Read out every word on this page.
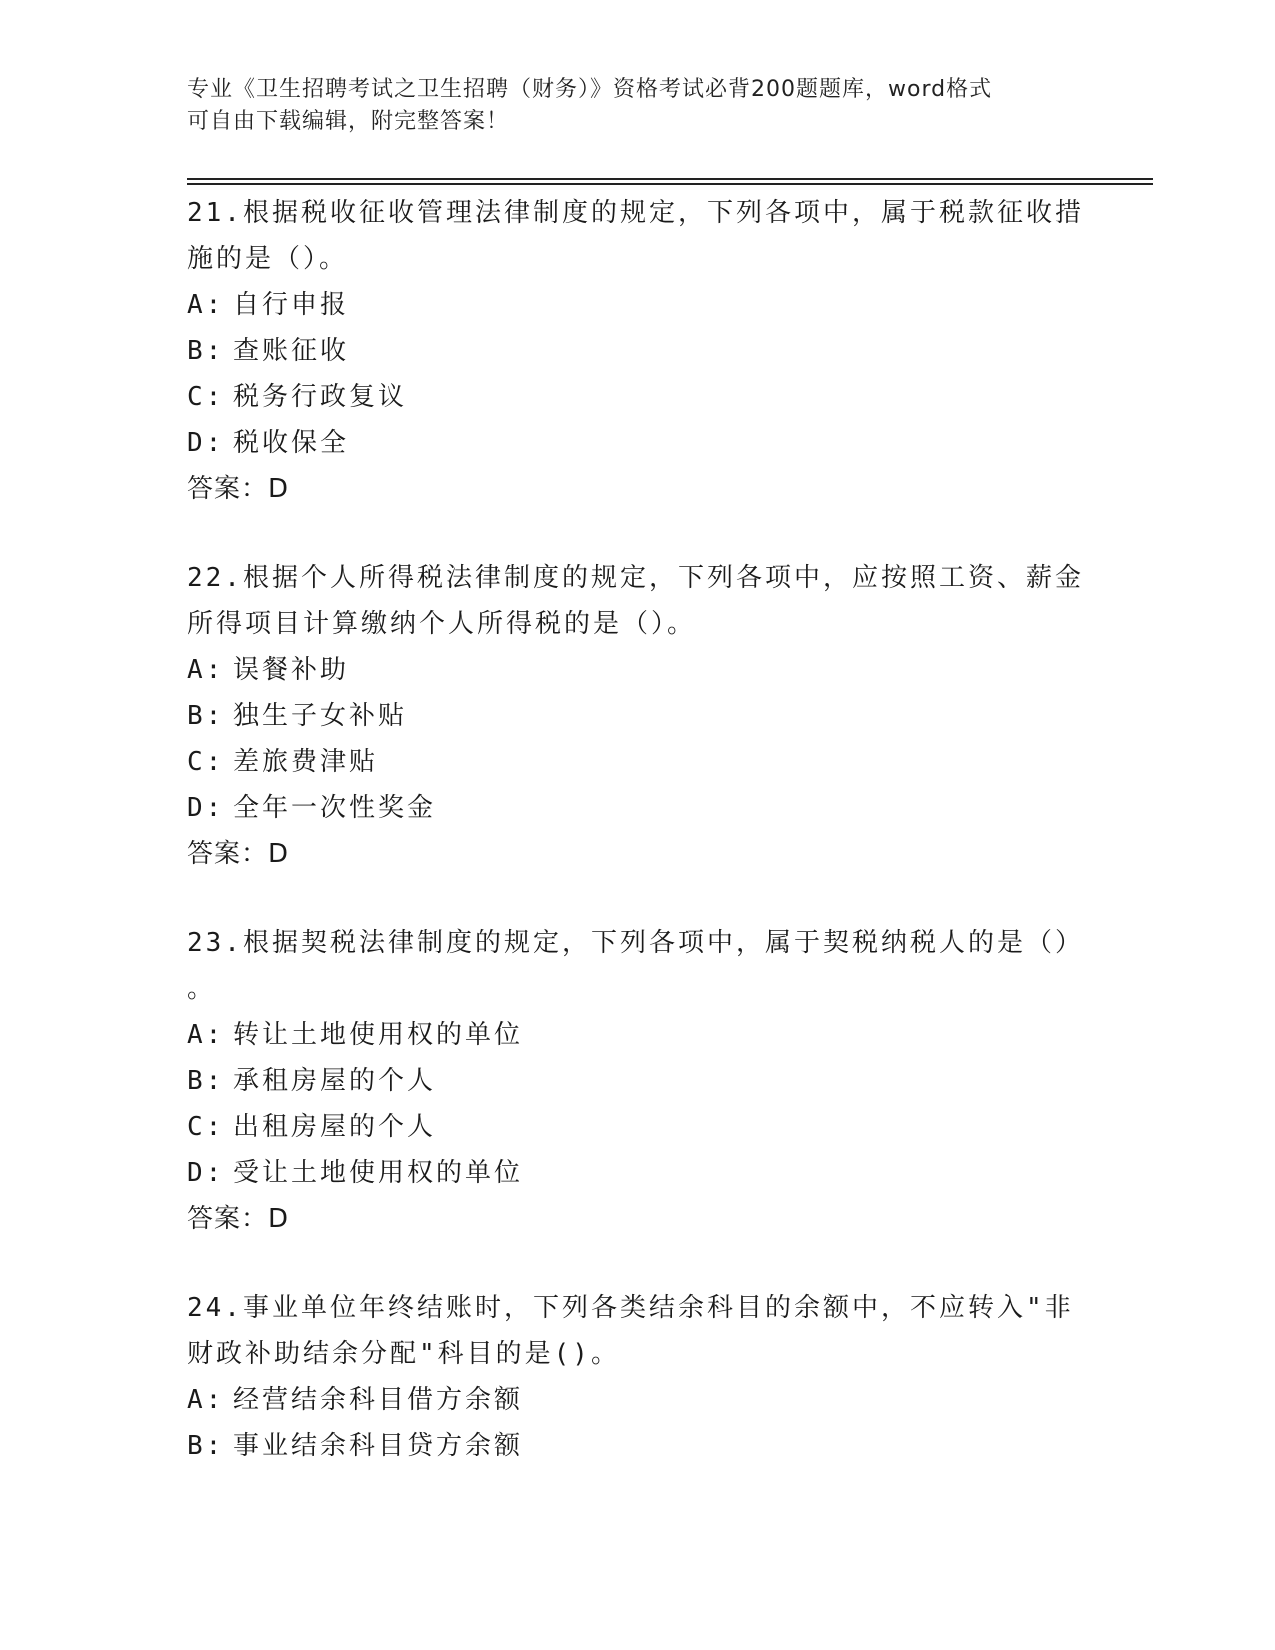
专业《卫生招聘考试之卫生招聘（财务）》资格考试必背200题题库，word格式
可自由下载编辑，附完整答案！
21.根据税收征收管理法律制度的规定，下列各项中，属于税款征收措
施的是（）。
A: 自行申报
B: 查账征收
C: 税务行政复议
D: 税收保全
答案：D
22.根据个人所得税法律制度的规定，下列各项中，应按照工资、薪金
所得项目计算缴纳个人所得税的是（）。
A: 误餐补助
B: 独生子女补贴
C: 差旅费津贴
D: 全年一次性奖金
答案：D
23.根据契税法律制度的规定，下列各项中，属于契税纳税人的是（）
。
A: 转让土地使用权的单位
B: 承租房屋的个人
C: 出租房屋的个人
D: 受让土地使用权的单位
答案：D
24.事业单位年终结账时，下列各类结余科目的余额中，不应转入"非
财政补助结余分配"科目的是()。
A: 经营结余科目借方余额
B: 事业结余科目贷方余额
